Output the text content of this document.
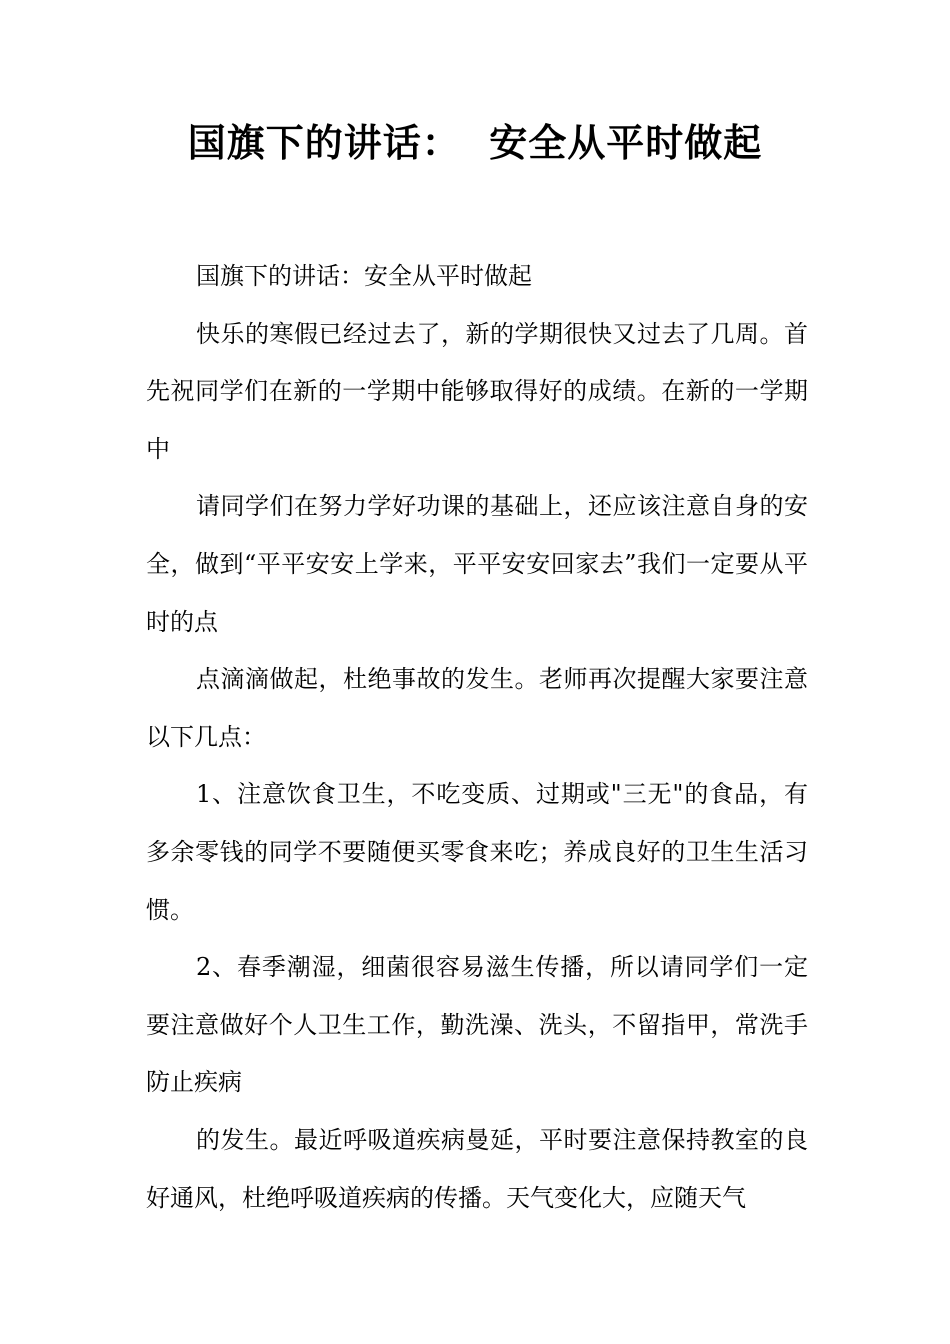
国旗下的讲话：  安全从平时做起

国旗下的讲话：安全从平时做起

快乐的寒假已经过去了，新的学期很快又过去了几周。首先祝同学们在新的一学期中能够取得好的成绩。在新的一学期中

请同学们在努力学好功课的基础上，还应该注意自身的安全，做到“平平安安上学来，平平安安回家去”我们一定要从平时的点

点滴滴做起，杜绝事故的发生。老师再次提醒大家要注意以下几点：

1、注意饮食卫生，不吃变质、过期或"三无"的食品，有多余零钱的同学不要随便买零食来吃；养成良好的卫生生活习惯。

2、春季潮湿，细菌很容易滋生传播，所以请同学们一定要注意做好个人卫生工作，勤洗澡、洗头，不留指甲，常洗手防止疾病

的发生。最近呼吸道疾病曼延，平时要注意保持教室的良好通风，杜绝呼吸道疾病的传播。天气变化大，应随天气
